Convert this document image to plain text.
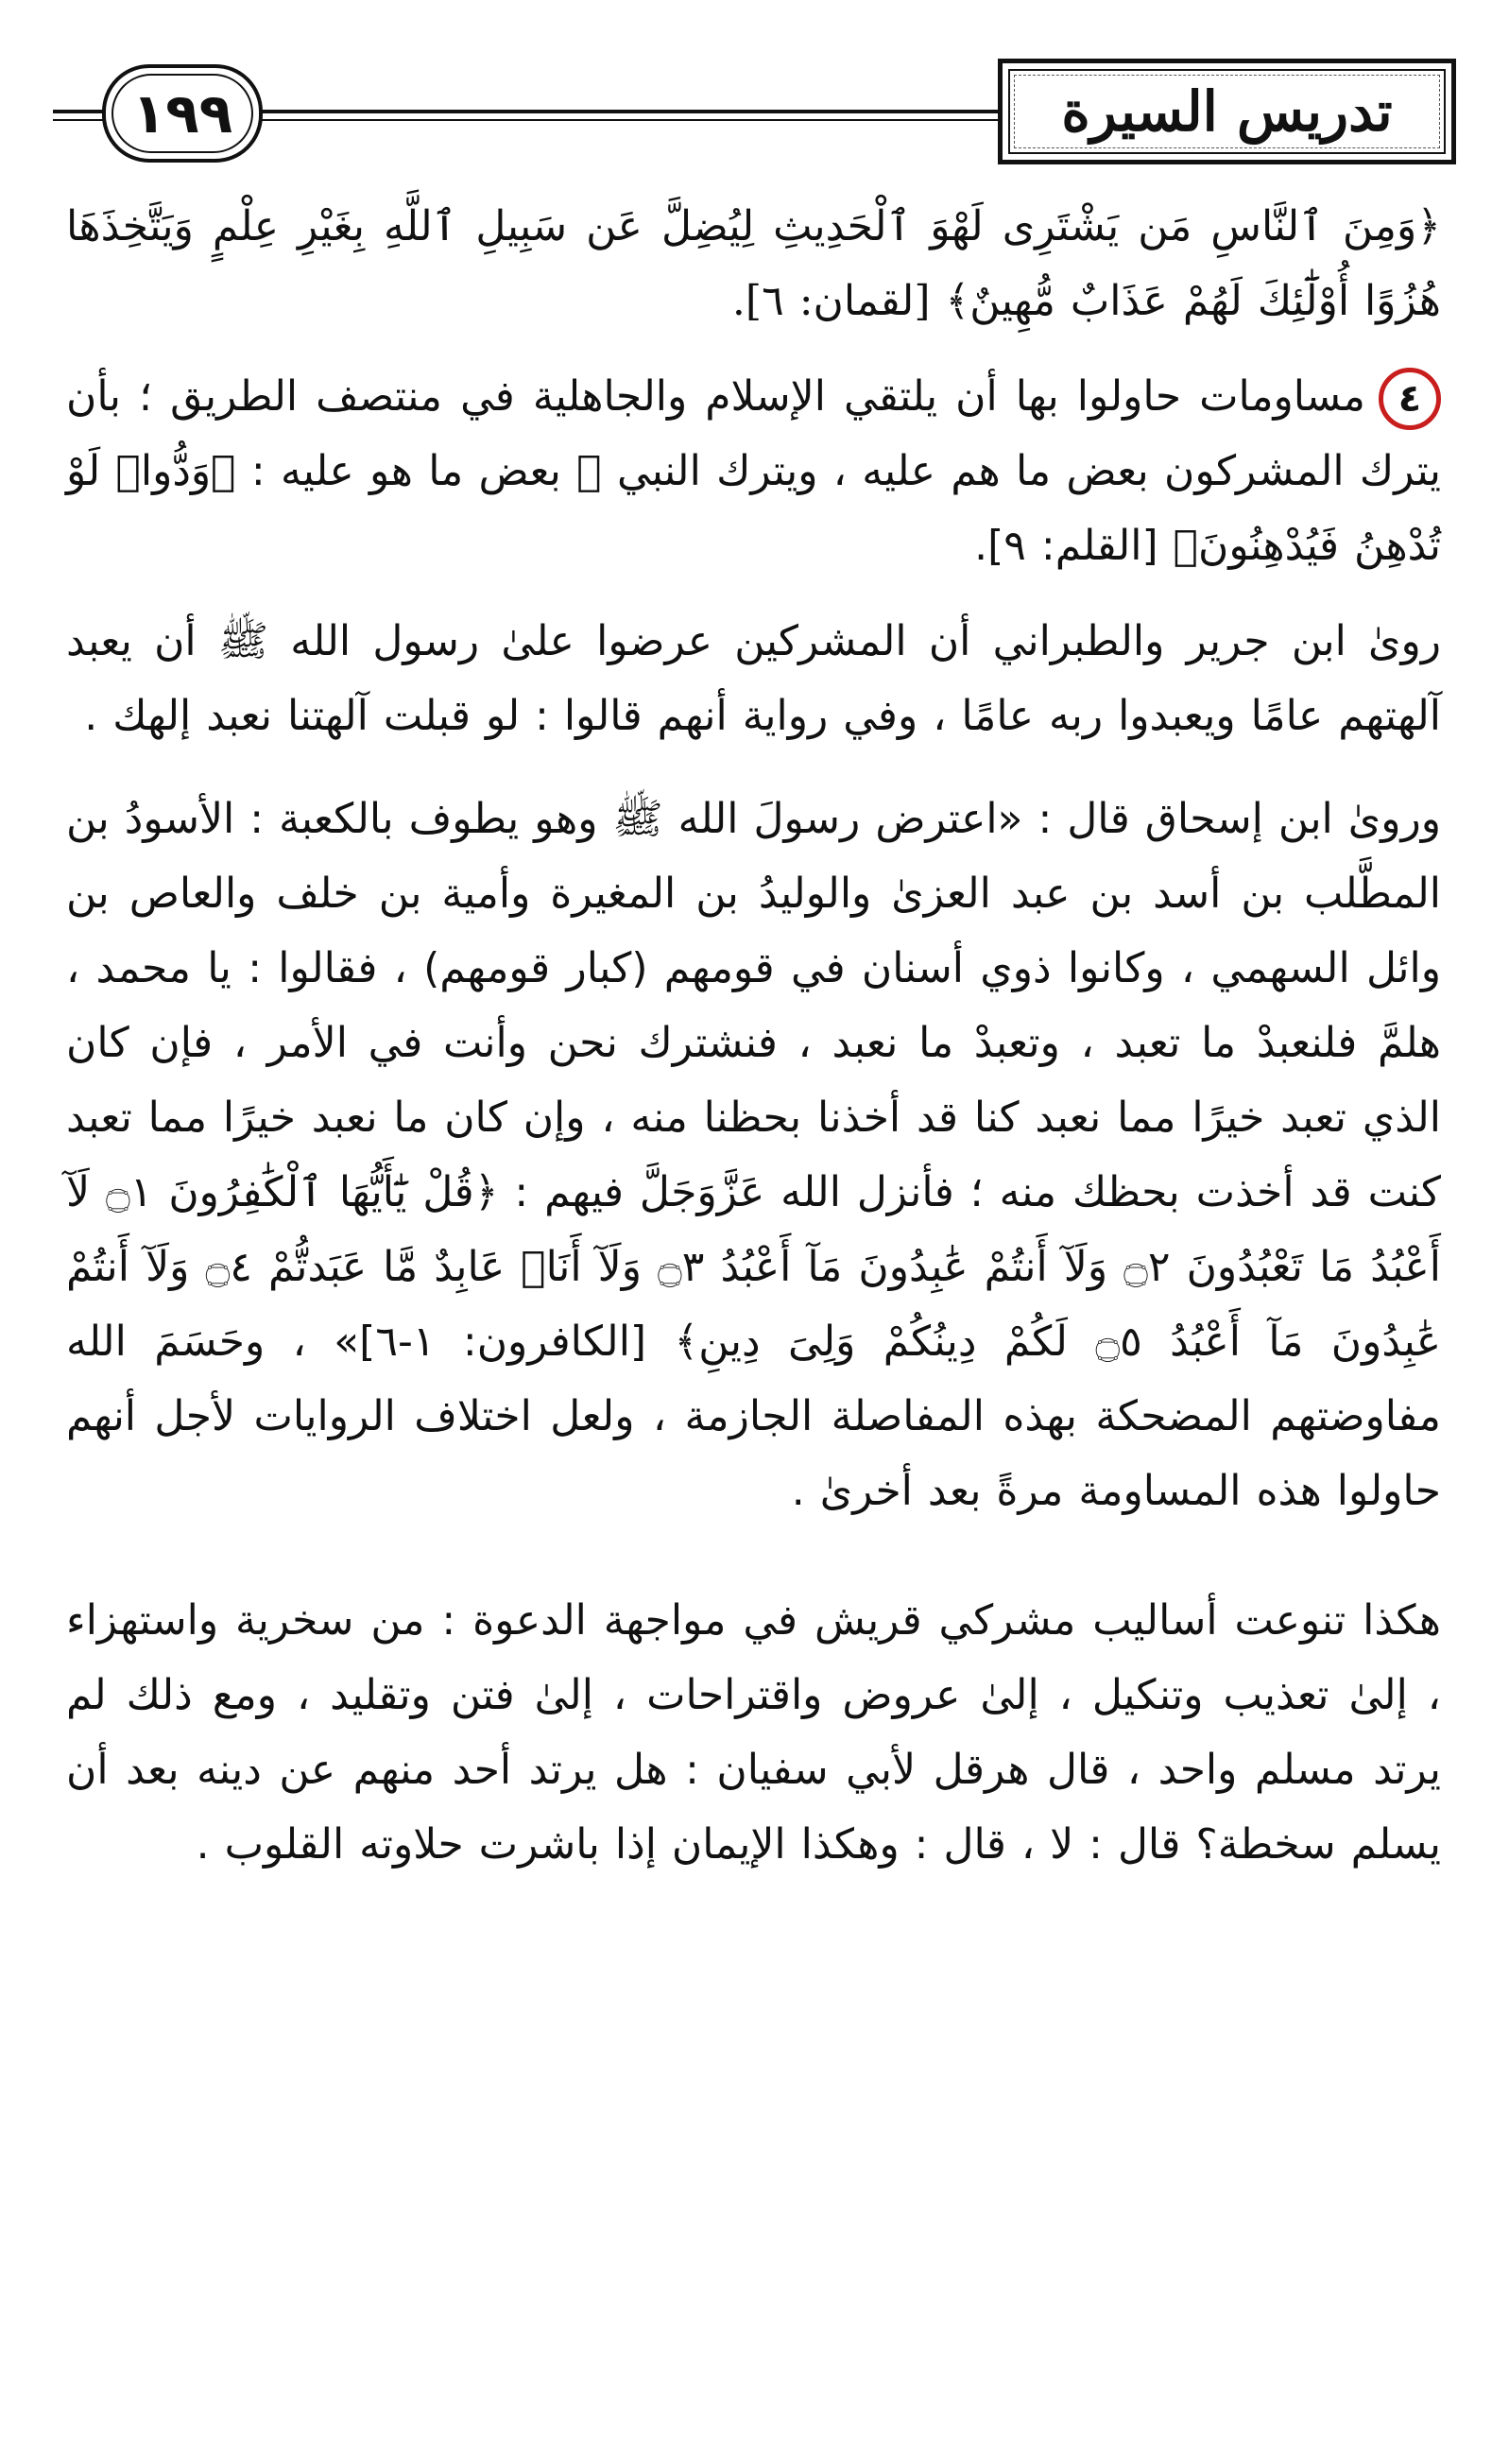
١٩٩	تدريس السيرة

﴿وَمِنَ ٱلنَّاسِ مَن يَشْتَرِى لَهْوَ ٱلْحَدِيثِ لِيُضِلَّ عَن سَبِيلِ ٱللَّهِ بِغَيْرِ عِلْمٍ وَيَتَّخِذَهَا هُزُوًا أُوْلَٰٓئِكَ لَهُمْ عَذَابٌ مُّهِينٌ﴾ [لقمان: ٦].

٤مساومات حاولوا بها أن يلتقي الإسلام والجاهلية في منتصف الطريق ؛ بأن يترك المشركون بعض ما هم عليه ، ويترك النبي ﷺ بعض ما هو عليه : ﴿وَدُّوا۟ لَوْ تُدْهِنُ فَيُدْهِنُونَ﴾ [القلم: ٩].

روىٰ ابن جرير والطبراني أن المشركين عرضوا علىٰ رسول الله ﷺ أن يعبد آلهتهم عامًا ويعبدوا ربه عامًا ، وفي رواية أنهم قالوا : لو قبلت آلهتنا نعبد إلهك .

وروىٰ ابن إسحاق قال : «اعترض رسولَ الله ﷺ وهو يطوف بالكعبة : الأسودُ بن المطَّلب بن أسد بن عبد العزىٰ والوليدُ بن المغيرة وأمية بن خلف والعاص بن وائل السهمي ، وكانوا ذوي أسنان في قومهم (كبار قومهم) ، فقالوا : يا محمد ، هلمَّ فلنعبدْ ما تعبد ، وتعبدْ ما نعبد ، فنشترك نحن وأنت في الأمر ، فإن كان الذي تعبد خيرًا مما نعبد كنا قد أخذنا بحظنا منه ، وإن كان ما نعبد خيرًا مما تعبد كنت قد أخذت بحظك منه ؛ فأنزل الله عَزَّوَجَلَّ فيهم : ﴿قُلْ يَٰٓأَيُّهَا ٱلْكَٰفِرُونَ ۝١ لَآ أَعْبُدُ مَا تَعْبُدُونَ ۝٢ وَلَآ أَنتُمْ عَٰبِدُونَ مَآ أَعْبُدُ ۝٣ وَلَآ أَنَا۠ عَابِدٌ مَّا عَبَدتُّمْ ۝٤ وَلَآ أَنتُمْ عَٰبِدُونَ مَآ أَعْبُدُ ۝٥ لَكُمْ دِينُكُمْ وَلِىَ دِينِ﴾ [الكافرون: ١-٦]» ، وحَسَمَ الله مفاوضتهم المضحكة بهذه المفاصلة الجازمة ، ولعل اختلاف الروايات لأجل أنهم حاولوا هذه المساومة مرةً بعد أخرىٰ .

هكذا تنوعت أساليب مشركي قريش في مواجهة الدعوة : من سخرية واستهزاء ، إلىٰ تعذيب وتنكيل ، إلىٰ عروض واقتراحات ، إلىٰ فتن وتقليد ، ومع ذلك لم يرتد مسلم واحد ، قال هرقل لأبي سفيان : هل يرتد أحد منهم عن دينه بعد أن يسلم سخطة؟ قال : لا ، قال : وهكذا الإيمان إذا باشرت حلاوته القلوب .
